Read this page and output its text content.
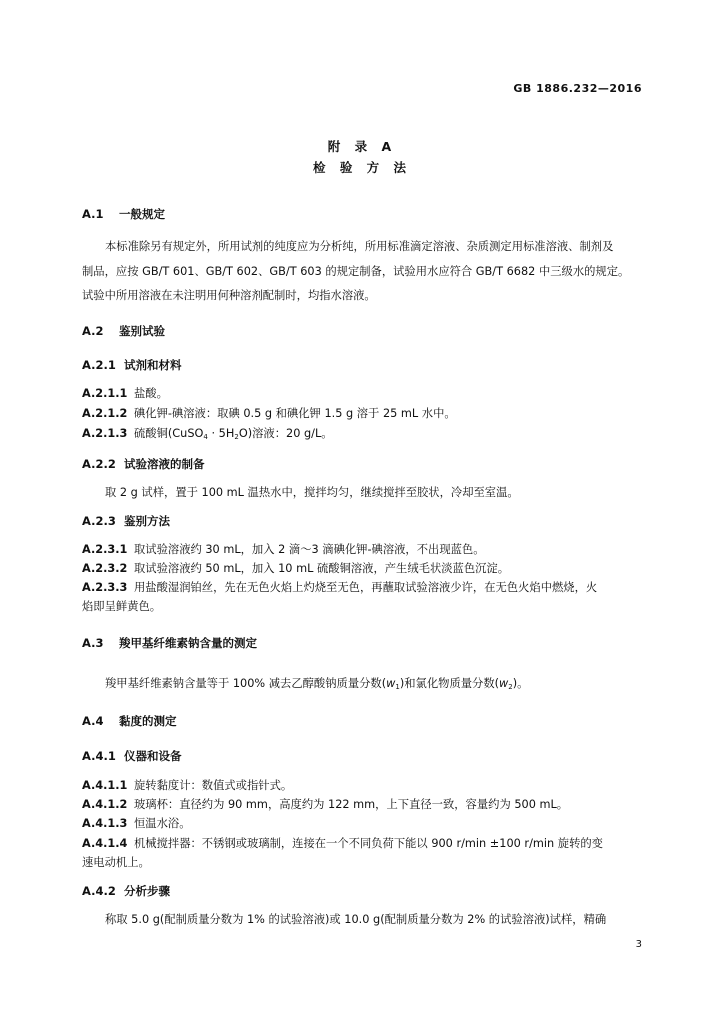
GB 1886.232—2016
附 录 A
检 验 方 法
A.1 一般规定
本标准除另有规定外，所用试剂的纯度应为分析纯，所用标准滴定溶液、杂质测定用标准溶液、制剂及
制品，应按 GB/T 601、GB/T 602、GB/T 603 的规定制备，试验用水应符合 GB/T 6682 中三级水的规定。
试验中所用溶液在未注明用何种溶剂配制时，均指水溶液。
A.2 鉴别试验
A.2.1 试剂和材料
A.2.1.1 盐酸。
A.2.1.2 碘化钾-碘溶液：取碘 0.5 g 和碘化钾 1.5 g 溶于 25 mL 水中。
A.2.1.3 硫酸铜(CuSO$_4$ · $5H_2O$)溶液：20 g/L。
A.2.2 试验溶液的制备
取 2 g 试样，置于 100 mL 温热水中，搅拌均匀，继续搅拌至胶状，冷却至室温。
A.2.3 鉴别方法
A.2.3.1 取试验溶液约 30 mL，加入 2 滴～3 滴碘化钾-碘溶液，不出现蓝色。
A.2.3.2 取试验溶液约 50 mL，加入 10 mL 硫酸铜溶液，产生绒毛状淡蓝色沉淀。
A.2.3.3 用盐酸湿润铂丝，先在无色火焰上灼烧至无色，再蘸取试验溶液少许，在无色火焰中燃烧，火
焰即呈鲜黄色。
A.3 羧甲基纤维素钠含量的测定
羧甲基纤维素钠含量等于 100% 减去乙醇酸钠质量分数$(w_1)$和氯化物质量分数$(w_2)$。
A.4 黏度的测定
A.4.1 仪器和设备
A.4.1.1 旋转黏度计：数值式或指针式。
A.4.1.2 玻璃杯：直径约为 90 mm，高度约为 122 mm，上下直径一致，容量约为 500 mL。
A.4.1.3 恒温水浴。
A.4.1.4 机械搅拌器：不锈钢或玻璃制，连接在一个不同负荷下能以 900 r/min ±100 r/min 旋转的变
速电动机上。
A.4.2 分析步骤
称取 5.0 g(配制质量分数为 1% 的试验溶液)或 10.0 g(配制质量分数为 2% 的试验溶液)试样，精确
3
